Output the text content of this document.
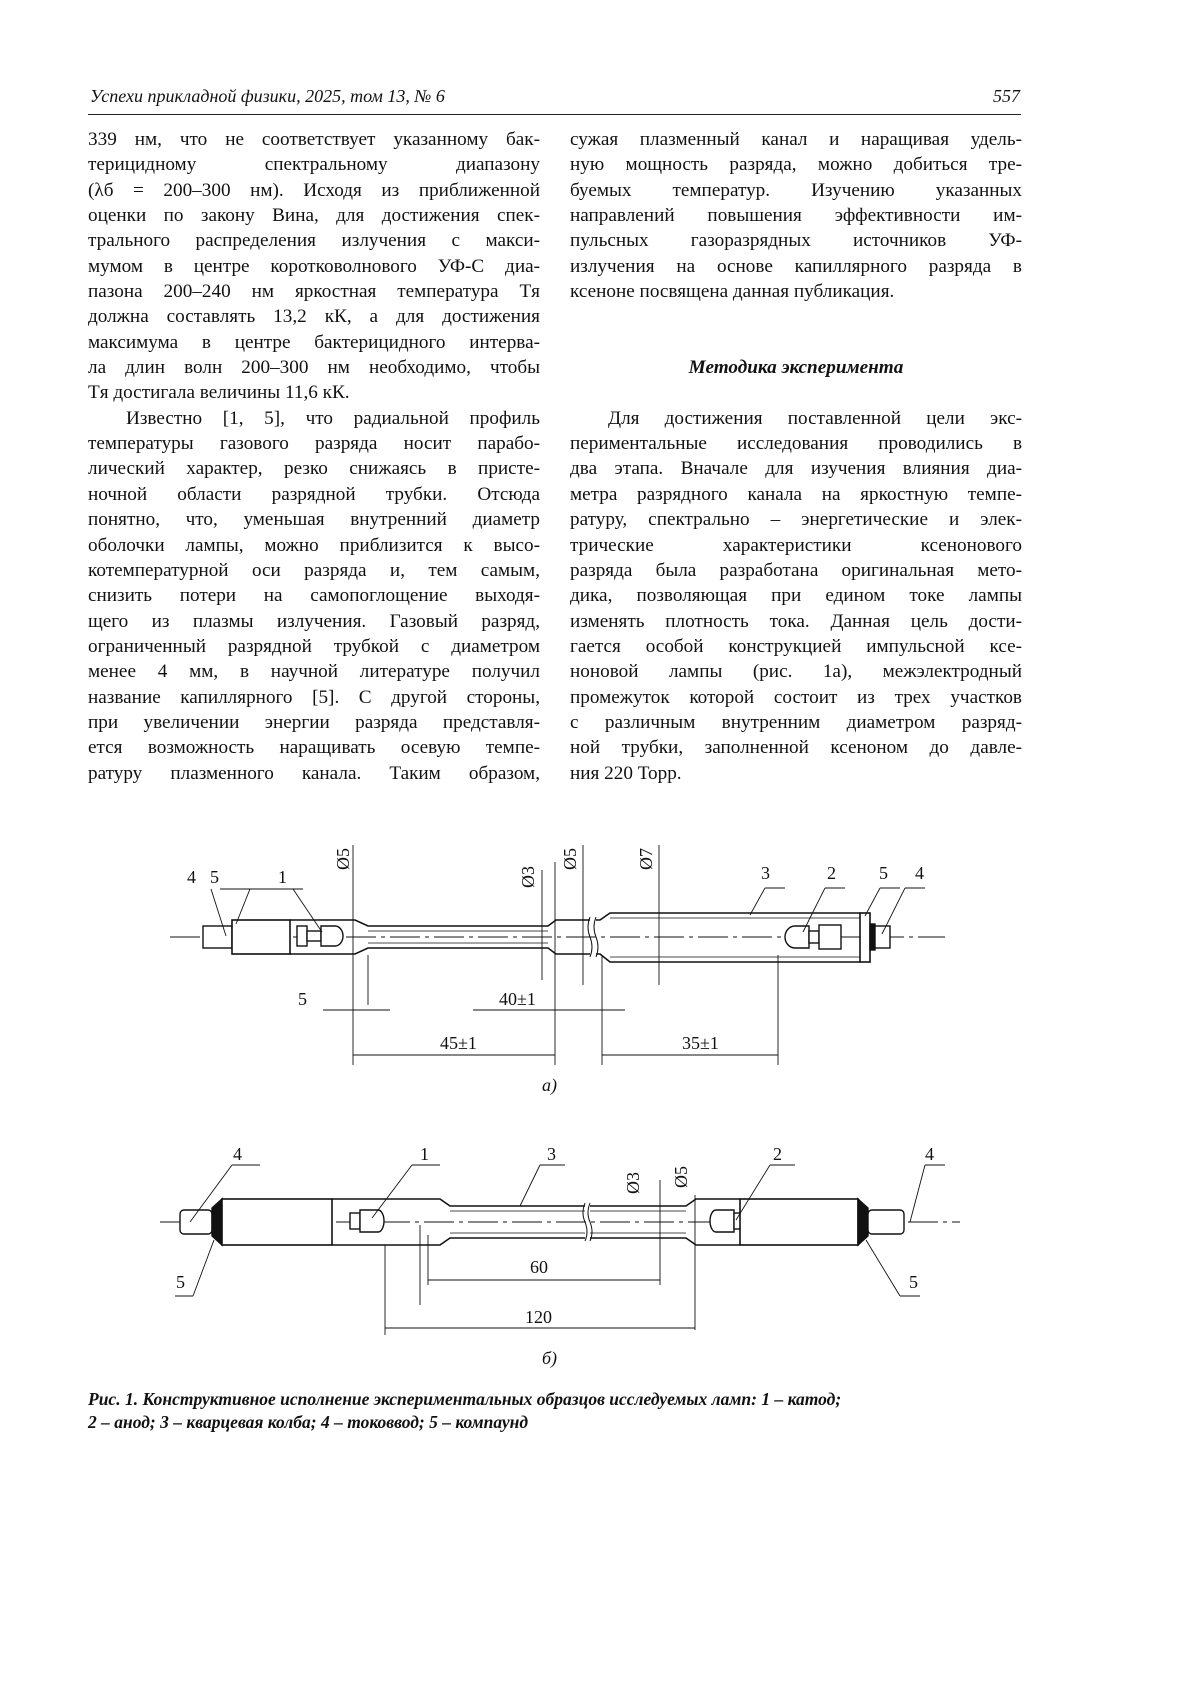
Успехи прикладной физики, 2025, том 13, № 6	557
339 нм, что не соответствует указанному бак-
терицидному спектральному диапазону
(λб = 200–300 нм). Исходя из приближенной
оценки по закону Вина, для достижения спек-
трального распределения излучения с макси-
мумом в центре коротковолнового УФ-С диа-
пазона 200–240 нм яркостная температура Tя
должна составлять 13,2 кК, а для достижения
максимума в центре бактерицидного интерва-
ла длин волн 200–300 нм необходимо, чтобы
Tя достигала величины 11,6 кК.
Известно [1, 5], что радиальной профиль
температуры газового разряда носит парабо-
лический характер, резко снижаясь в присте-
ночной области разрядной трубки. Отсюда
понятно, что, уменьшая внутренний диаметр
оболочки лампы, можно приблизится к высо-
котемпературной оси разряда и, тем самым,
снизить потери на самопоглощение выходя-
щего из плазмы излучения. Газовый разряд,
ограниченный разрядной трубкой с диаметром
менее 4 мм, в научной литературе получил
название капиллярного [5]. С другой стороны,
при увеличении энергии разряда представля-
ется возможность наращивать осевую темпе-
ратуру плазменного канала. Таким образом,
сужая плазменный канал и наращивая удель-
ную мощность разряда, можно добиться тре-
буемых температур. Изучению указанных
направлений повышения эффективности им-
пульсных газоразрядных источников УФ-
излучения на основе капиллярного разряда в
ксеноне посвящена данная публикация.
Методика эксперимента
Для достижения поставленной цели экс-
периментальные исследования проводились в
два этапа. Вначале для изучения влияния диа-
метра разрядного канала на яркостную темпе-
ратуру, спектрально – энергетические и элек-
трические характеристики ксенонового
разряда была разработана оригинальная мето-
дика, позволяющая при едином токе лампы
изменять плотность тока. Данная цель дости-
гается особой конструкцией импульсной ксе-
ноновой лампы (рис. 1а), межэлектродный
промежуток которой состоит из трех участков
с различным внутренним диаметром разряд-
ной трубки, заполненной ксеноном до давле-
ния 220 Торр.
4 5	1	3	2 5 4
Ø5
Ø3
Ø5	Ø7
5	40±1
45±1	35±1
а)
4	1	3	2	4
5	5
Ø3 Ø5
60
120
б)
Рис. 1. Конструктивное исполнение экспериментальных образцов исследуемых ламп: 1 – катод;
2 – анод; 3 – кварцевая колба; 4 – токоввод; 5 – компаунд
